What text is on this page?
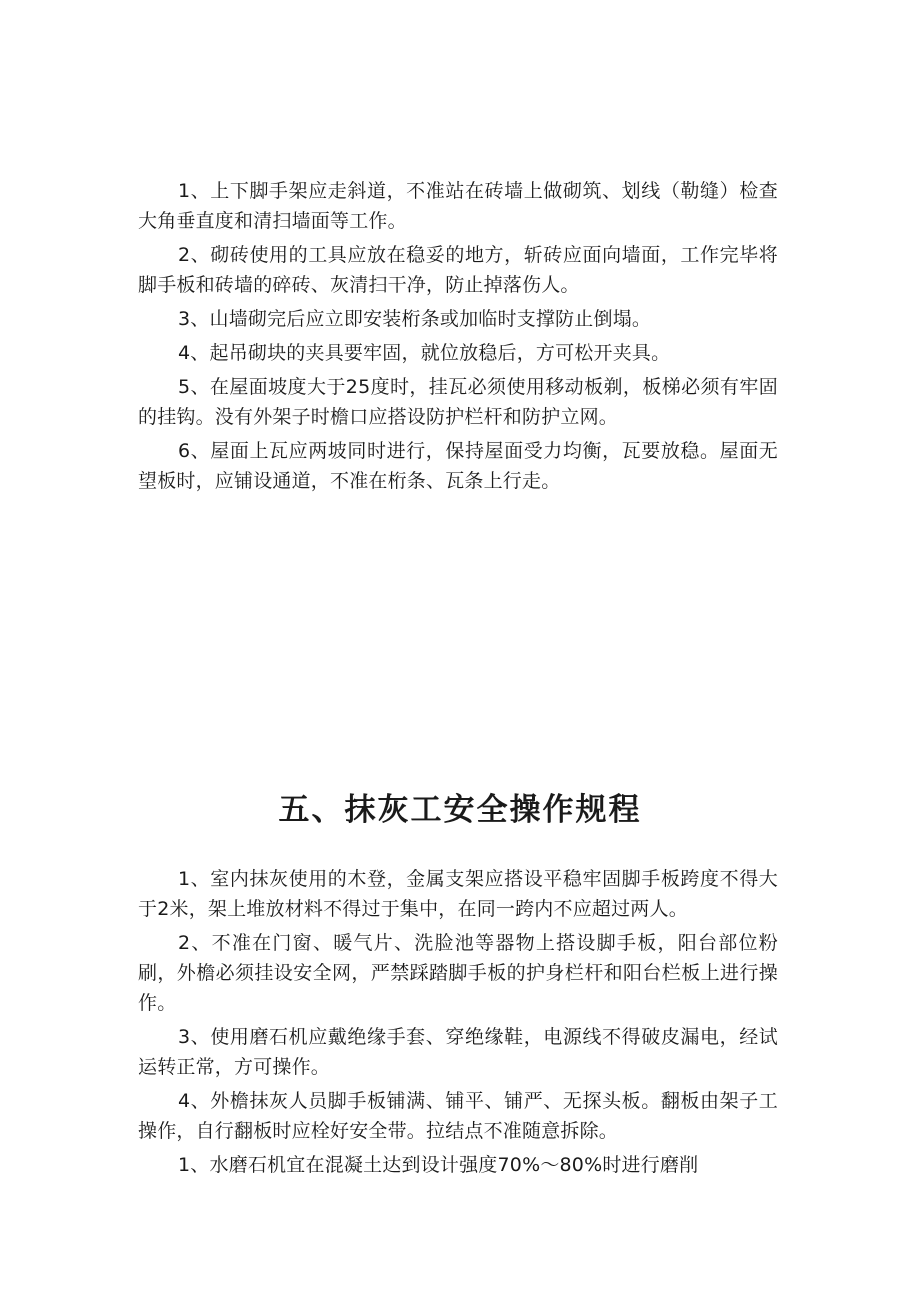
1、上下脚手架应走斜道，不准站在砖墙上做砌筑、划线（勒缝）检查大角垂直度和清扫墙面等工作。

2、砌砖使用的工具应放在稳妥的地方，斩砖应面向墙面，工作完毕将脚手板和砖墙的碎砖、灰清扫干净，防止掉落伤人。

3、山墙砌完后应立即安装桁条或加临时支撑防止倒塌。

4、起吊砌块的夹具要牢固，就位放稳后，方可松开夹具。

5、在屋面坡度大于25度时，挂瓦必须使用移动板剃，板梯必须有牢固的挂钩。没有外架子时檐口应搭设防护栏杆和防护立网。

6、屋面上瓦应两坡同时进行，保持屋面受力均衡，瓦要放稳。屋面无望板时，应铺设通道，不准在桁条、瓦条上行走。

五、抹灰工安全操作规程

1、室内抹灰使用的木登，金属支架应搭设平稳牢固脚手板跨度不得大于2米，架上堆放材料不得过于集中，在同一跨内不应超过两人。

2、不准在门窗、暖气片、洗脸池等器物上搭设脚手板，阳台部位粉刷，外檐必须挂设安全网，严禁踩踏脚手板的护身栏杆和阳台栏板上进行操作。

3、使用磨石机应戴绝缘手套、穿绝缘鞋，电源线不得破皮漏电，经试运转正常，方可操作。

4、外檐抹灰人员脚手板铺满、铺平、铺严、无探头板。翻板由架子工操作，自行翻板时应栓好安全带。拉结点不准随意拆除。

1、水磨石机宜在混凝土达到设计强度70%～80%时进行磨削
